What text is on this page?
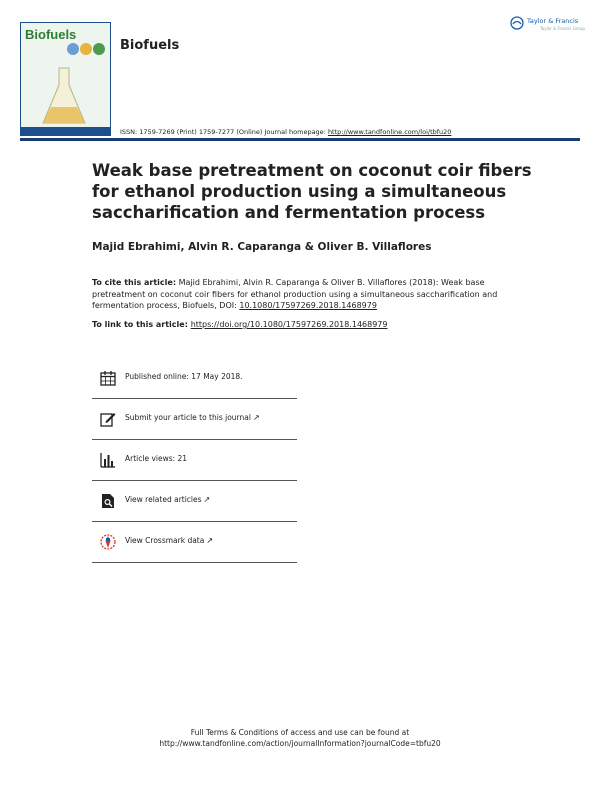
Biofuels
Biofuels
Taylor & Francis
Taylor & Francis Group
ISSN: 1759-7269 (Print) 1759-7277 (Online) Journal homepage: http://www.tandfonline.com/loi/tbfu20
Weak base pretreatment on coconut coir fibers for ethanol production using a simultaneous saccharification and fermentation process
Majid Ebrahimi, Alvin R. Caparanga & Oliver B. Villaflores
To cite this article: Majid Ebrahimi, Alvin R. Caparanga & Oliver B. Villaflores (2018): Weak base pretreatment on coconut coir fibers for ethanol production using a simultaneous saccharification and fermentation process, Biofuels, DOI: 10.1080/17597269.2018.1468979
To link to this article: https://doi.org/10.1080/17597269.2018.1468979
Published online: 17 May 2018.
Submit your article to this journal ↗
Article views: 21
View related articles ↗
View Crossmark data ↗
Full Terms & Conditions of access and use can be found at
http://www.tandfonline.com/action/journalInformation?journalCode=tbfu20
